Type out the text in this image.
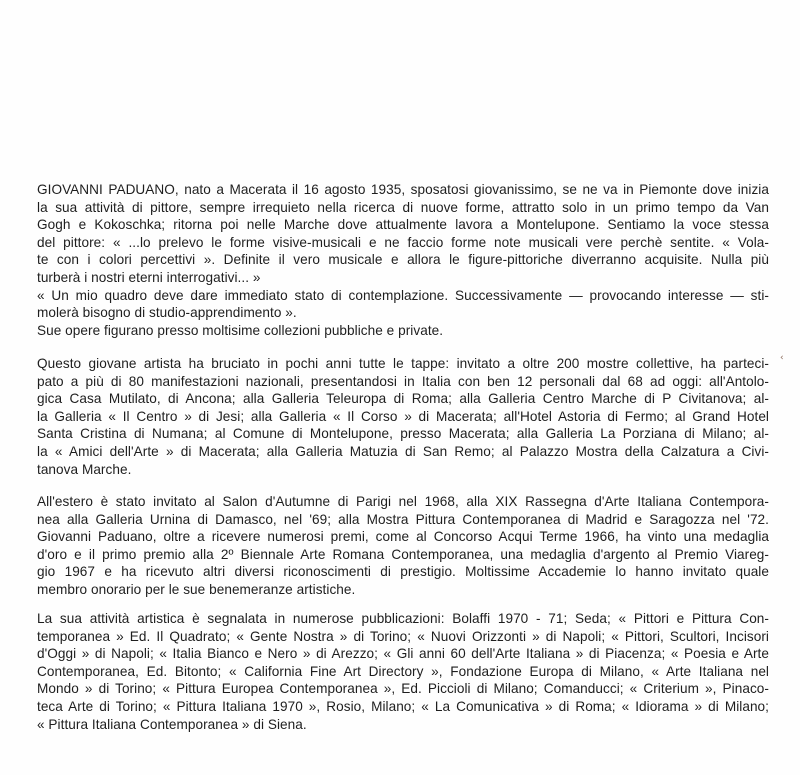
GIOVANNI PADUANO, nato a Macerata il 16 agosto 1935, sposatosi giovanissimo, se ne va in Piemonte dove inizia
la sua attività di pittore, sempre irrequieto nella ricerca di nuove forme, attratto solo in un primo tempo da Van
Gogh e Kokoschka; ritorna poi nelle Marche dove attualmente lavora a Montelupone. Sentiamo la voce stessa
del pittore: « ...lo prelevo le forme visive-musicali e ne faccio forme note musicali vere perchè sentite. « Vola-
te con i colori percettivi ». Definite il vero musicale e allora le figure-pittoriche diverranno acquisite. Nulla più
turberà i nostri eterni interrogativi... »
« Un mio quadro deve dare immediato stato di contemplazione. Successivamente — provocando interesse — sti-
molerà bisogno di studio-apprendimento ».
Sue opere figurano presso moltisime collezioni pubbliche e private.
Questo giovane artista ha bruciato in pochi anni tutte le tappe: invitato a oltre 200 mostre collettive, ha parteci-
pato a più di 80 manifestazioni nazionali, presentandosi in Italia con ben 12 personali dal 68 ad oggi: all'Antolo-
gica Casa Mutilato, di Ancona; alla Galleria Teleuropa di Roma; alla Galleria Centro Marche di P Civitanova; al-
la Galleria « Il Centro » di Jesi; alla Galleria « Il Corso » di Macerata; all'Hotel Astoria di Fermo; al Grand Hotel
Santa Cristina di Numana; al Comune di Montelupone, presso Macerata; alla Galleria La Porziana di Milano; al-
la « Amici dell'Arte » di Macerata; alla Galleria Matuzia di San Remo; al Palazzo Mostra della Calzatura a Civi-
tanova Marche.
All'estero è stato invitato al Salon d'Autumne di Parigi nel 1968, alla XIX Rassegna d'Arte Italiana Contempora-
nea alla Galleria Urnina di Damasco, nel '69; alla Mostra Pittura Contemporanea di Madrid e Saragozza nel '72.
Giovanni Paduano, oltre a ricevere numerosi premi, come al Concorso Acqui Terme 1966, ha vinto una medaglia
d'oro e il primo premio alla 2º Biennale Arte Romana Contemporanea, una medaglia d'argento al Premio Viareg-
gio 1967 e ha ricevuto altri diversi riconoscimenti di prestigio. Moltissime Accademie lo hanno invitato quale
membro onorario per le sue benemeranze artistiche.
La sua attività artistica è segnalata in numerose pubblicazioni: Bolaffi 1970 - 71; Seda; « Pittori e Pittura Con-
temporanea » Ed. Il Quadrato; « Gente Nostra » di Torino; « Nuovi Orizzonti » di Napoli; « Pittori, Scultori, Incisori
d'Oggi » di Napoli; « Italia Bianco e Nero » di Arezzo; « Gli anni 60 dell'Arte Italiana » di Piacenza; « Poesia e Arte
Contemporanea, Ed. Bitonto; « California Fine Art Directory », Fondazione Europa di Milano, « Arte Italiana nel
Mondo » di Torino; « Pittura Europea Contemporanea », Ed. Piccioli di Milano; Comanducci; « Criterium », Pinaco-
teca Arte di Torino; « Pittura Italiana 1970 », Rosio, Milano; « La Comunicativa » di Roma; « Idiorama » di Milano;
« Pittura Italiana Contemporanea » di Siena.
‹
